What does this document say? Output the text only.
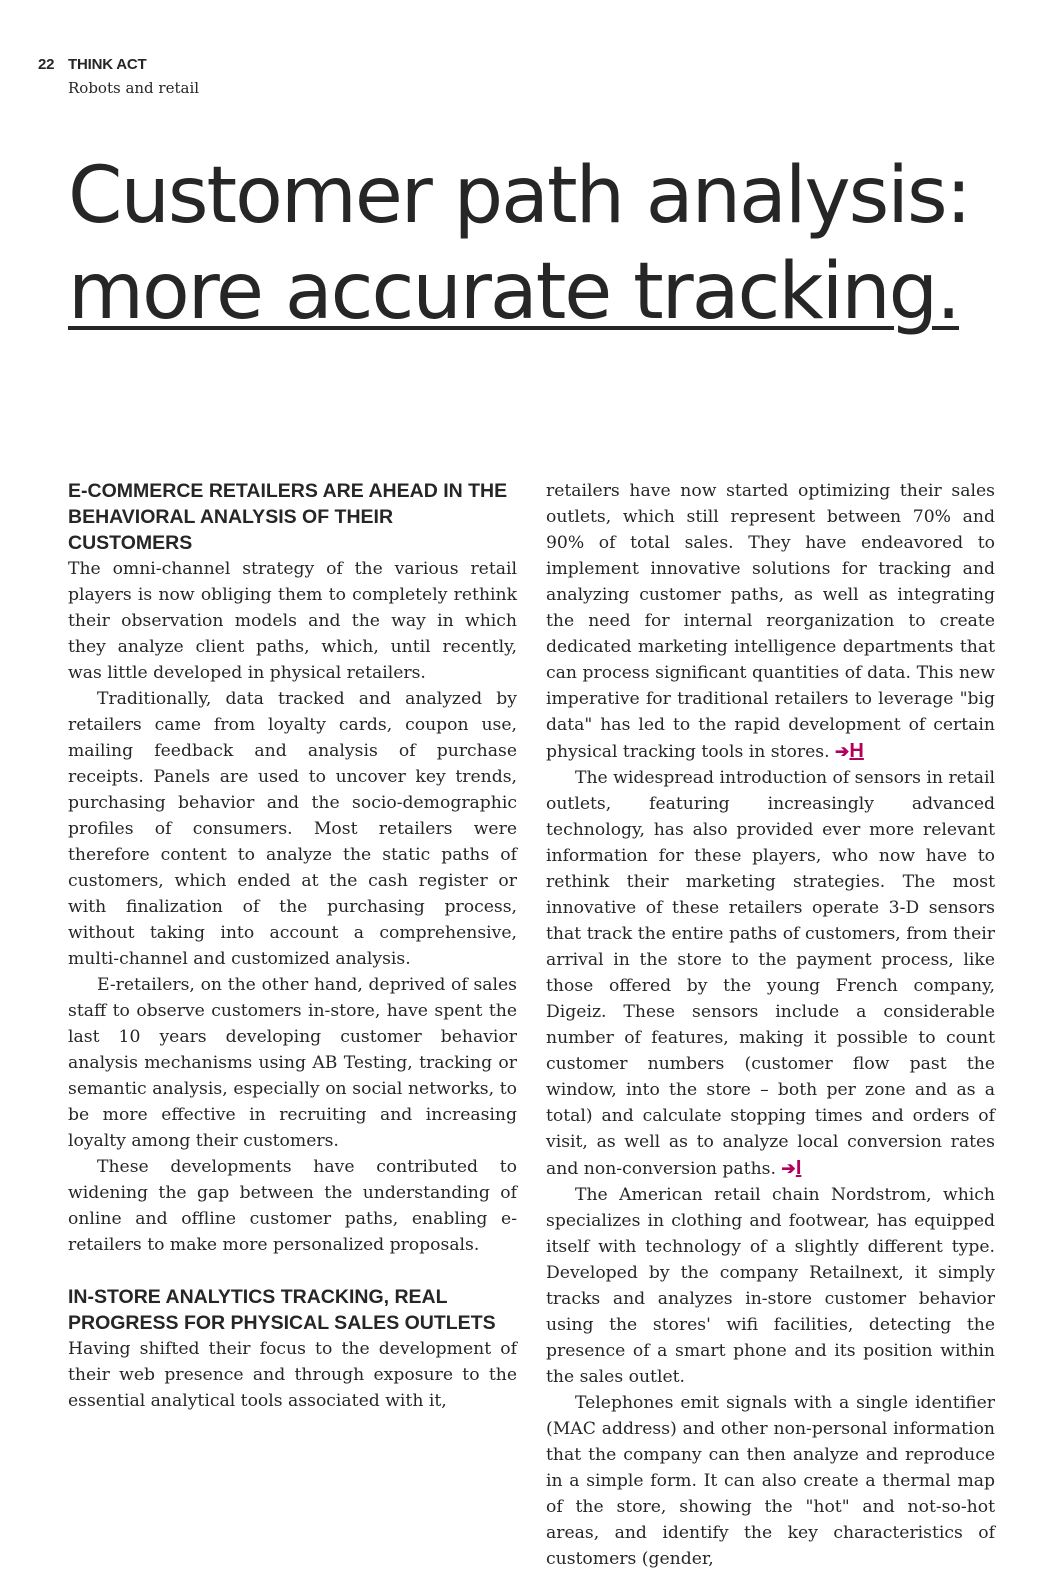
22 THINK ACT
Robots and retail
Customer path analysis:
more accurate tracking.
E-COMMERCE RETAILERS ARE AHEAD IN THE BEHAVIORAL ANALYSIS OF THEIR CUSTOMERS

The omni-channel strategy of the various retail players is now obliging them to completely rethink their observation models and the way in which they analyze client paths, which, until recently, was little developed in physical retailers.

Traditionally, data tracked and analyzed by retailers came from loyalty cards, coupon use, mailing feedback and analysis of purchase receipts. Panels are used to uncover key trends, purchasing behavior and the socio-demographic profiles of consumers. Most retailers were therefore content to analyze the static paths of customers, which ended at the cash register or with finalization of the purchasing process, without taking into account a comprehensive, multi-channel and customized analysis.

E-retailers, on the other hand, deprived of sales staff to observe customers in-store, have spent the last 10 years developing customer behavior analysis mechanisms using AB Testing, tracking or semantic analysis, especially on social networks, to be more effective in recruiting and increasing loyalty among their customers.

These developments have contributed to widening the gap between the understanding of online and offline customer paths, enabling e-retailers to make more personalized proposals.

IN-STORE ANALYTICS TRACKING, REAL PROGRESS FOR PHYSICAL SALES OUTLETS

Having shifted their focus to the development of their web presence and through exposure to the essential analytical tools associated with it,

retailers have now started optimizing their sales outlets, which still represent between 70% and 90% of total sales. They have endeavored to implement innovative solutions for tracking and analyzing customer paths, as well as integrating the need for internal reorganization to create dedicated marketing intelligence departments that can process significant quantities of data. This new imperative for traditional retailers to leverage "big data" has led to the rapid development of certain physical tracking tools in stores. ➔H

The widespread introduction of sensors in retail outlets, featuring increasingly advanced technology, has also provided ever more relevant information for these players, who now have to rethink their marketing strategies. The most innovative of these retailers operate 3-D sensors that track the entire paths of customers, from their arrival in the store to the payment process, like those offered by the young French company, Digeiz. These sensors include a considerable number of features, making it possible to count customer numbers (customer flow past the window, into the store – both per zone and as a total) and calculate stopping times and orders of visit, as well as to analyze local conversion rates and non-conversion paths. ➔I

The American retail chain Nordstrom, which specializes in clothing and footwear, has equipped itself with technology of a slightly different type. Developed by the company Retailnext, it simply tracks and analyzes in-store customer behavior using the stores' wifi facilities, detecting the presence of a smart phone and its position within the sales outlet.

Telephones emit signals with a single identifier (MAC address) and other non-personal information that the company can then analyze and reproduce in a simple form. It can also create a thermal map of the store, showing the "hot" and not-so-hot areas, and identify the key characteristics of customers (gender,
